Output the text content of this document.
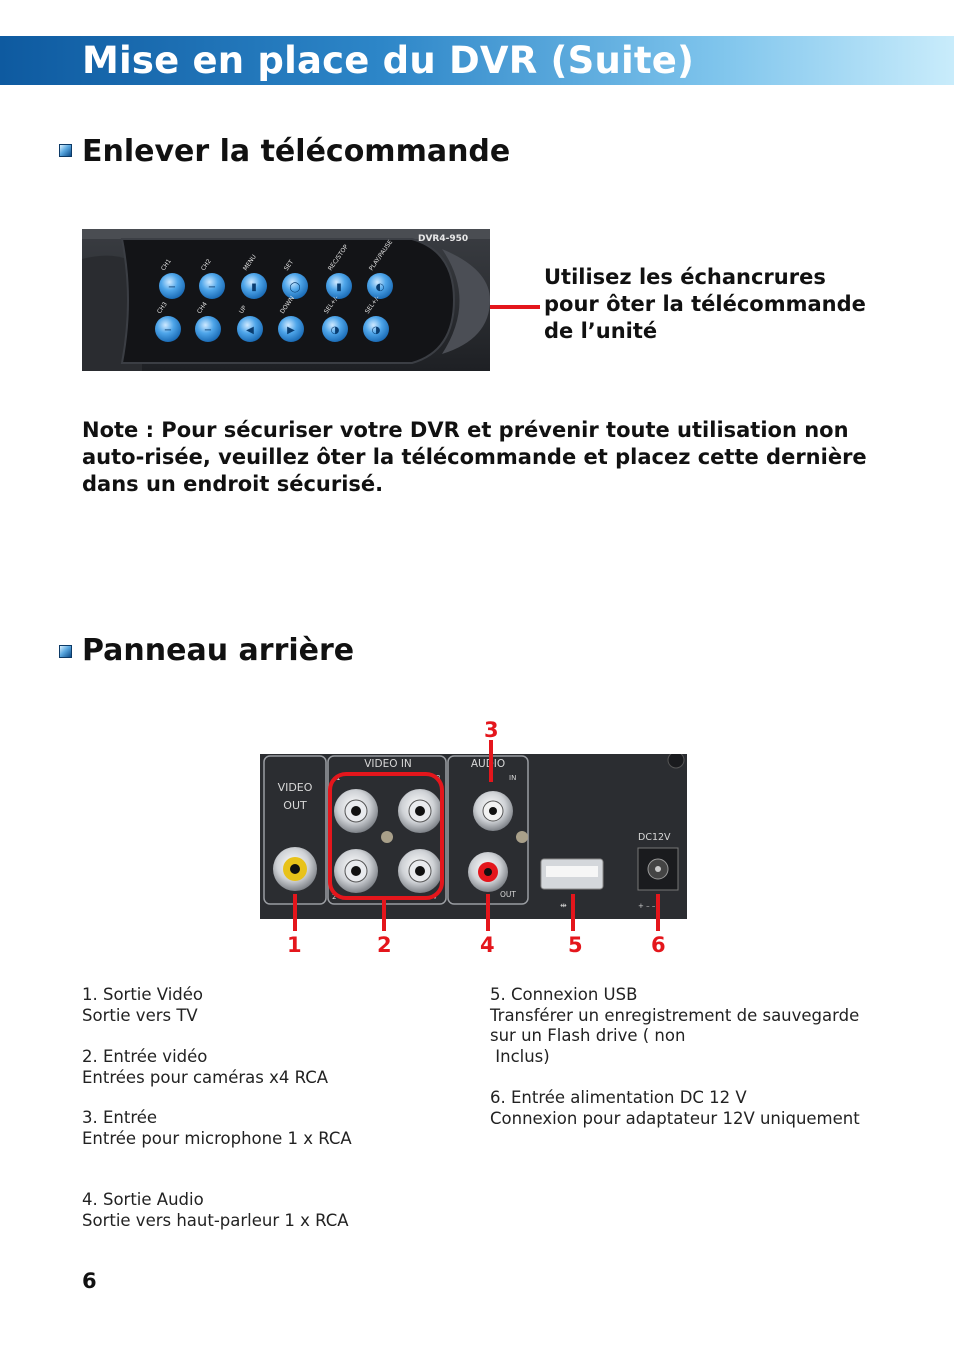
Mise en place du DVR (Suite)
Enlever la télécommande
DVR4-950
−
CH1
−
CH2
▮
MENU
◯
SET
▮
REC/STOP
◐
PLAY/PAUSE
−
CH3
−
CH4
◀
UP
▶
DOWN
◑
SEL+/-
◑
SEL+/-
Utilisez les échancrures pour ôter la télécommande de l’unité
Note : Pour sécuriser votre DVR et prévenir toute utilisation non auto-risée, veuillez ôter la télécommande et placez cette dernière dans un endroit sécurisé.
Panneau arrière
VIDEO
OUT
VIDEO IN
1	3
2	4
AUDIO
IN
OUT
⇹
DC12V
+ – –
3
1	2	4	5	6

1. Sortie Vidéo

Sortie vers TV

2. Entrée vidéo

Entrées pour caméras x4 RCA

3. Entrée

Entrée pour microphone 1 x RCA

4. Sortie Audio

Sortie vers haut-parleur 1 x RCA

5. Connexion USB

Transférer un enregistrement de sauvegarde sur un Flash drive ( non

Inclus)

6. Entrée alimentation DC 12 V

Connexion pour adaptateur 12V uniquement

6
